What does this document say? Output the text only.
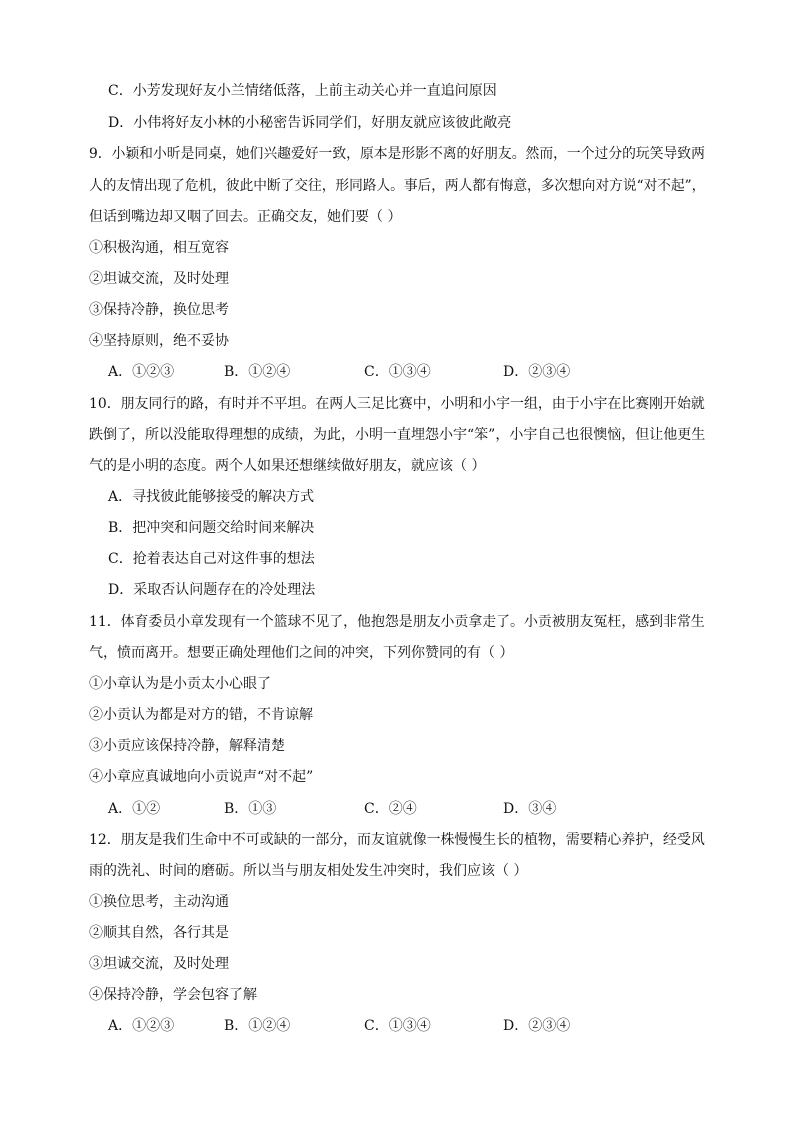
C．小芳发现好友小兰情绪低落，上前主动关心并一直追问原因
D．小伟将好友小林的小秘密告诉同学们，好朋友就应该彼此敞亮
9．小颖和小昕是同桌，她们兴趣爱好一致，原本是形影不离的好朋友。然而，一个过分的玩笑导致两
人的友情出现了危机，彼此中断了交往，形同路人。事后，两人都有悔意，多次想向对方说“对不起”，
但话到嘴边却又咽了回去。正确交友，她们要（ ）
①积极沟通，相互宽容
②坦诚交流，及时处理
③保持冷静，换位思考
④坚持原则，绝不妥协
A．①②③	B．①②④	C．①③④	D．②③④
10．朋友同行的路，有时并不平坦。在两人三足比赛中，小明和小宇一组，由于小宇在比赛刚开始就
跌倒了，所以没能取得理想的成绩，为此，小明一直埋怨小宇“笨”，小宇自己也很懊恼，但让他更生
气的是小明的态度。两个人如果还想继续做好朋友，就应该（ ）
A．寻找彼此能够接受的解决方式
B．把冲突和问题交给时间来解决
C．抢着表达自己对这件事的想法
D．采取否认问题存在的冷处理法
11．体育委员小章发现有一个篮球不见了，他抱怨是朋友小贡拿走了。小贡被朋友冤枉，感到非常生
气，愤而离开。想要正确处理他们之间的冲突，下列你赞同的有（ ）
①小章认为是小贡太小心眼了
②小贡认为都是对方的错，不肯谅解
③小贡应该保持冷静，解释清楚
④小章应真诚地向小贡说声“对不起”
A．①②	B．①③	C．②④	D．③④
12．朋友是我们生命中不可或缺的一部分，而友谊就像一株慢慢生长的植物，需要精心养护，经受风
雨的洗礼、时间的磨砺。所以当与朋友相处发生冲突时，我们应该（ ）
①换位思考，主动沟通
②顺其自然，各行其是
③坦诚交流，及时处理
④保持冷静，学会包容了解
A．①②③	B．①②④	C．①③④	D．②③④
